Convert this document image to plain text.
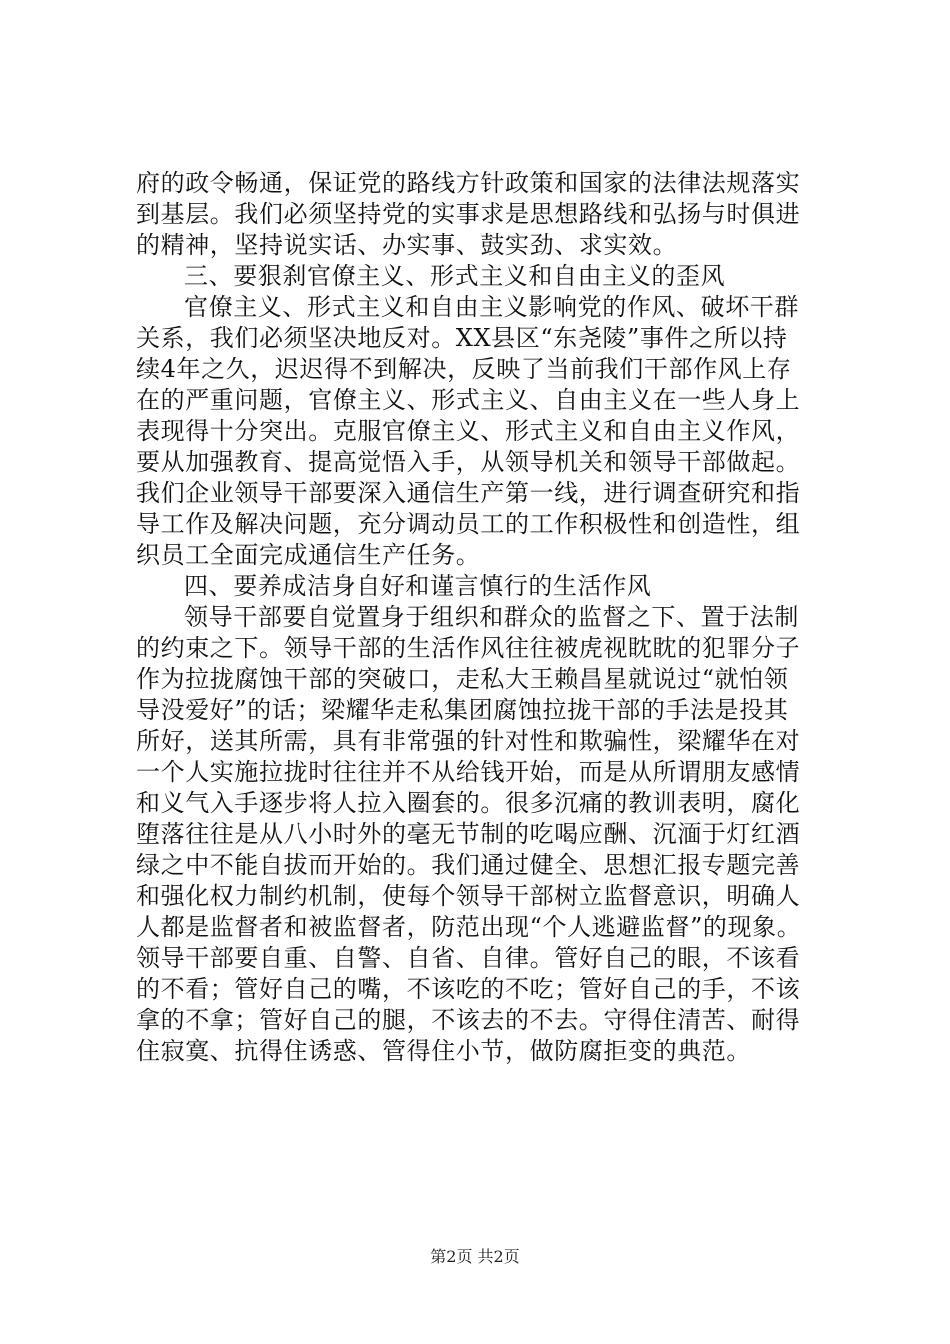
府的政令畅通，保证党的路线方针政策和国家的法律法规落实
到基层。我们必须坚持党的实事求是思想路线和弘扬与时俱进
的精神，坚持说实话、办实事、鼓实劲、求实效。
三、要狠刹官僚主义、形式主义和自由主义的歪风
官僚主义、形式主义和自由主义影响党的作风、破坏干群
关系，我们必须坚决地反对。XX县区“东尧陵”事件之所以持
续4年之久，迟迟得不到解决，反映了当前我们干部作风上存
在的严重问题，官僚主义、形式主义、自由主义在一些人身上
表现得十分突出。克服官僚主义、形式主义和自由主义作风，
要从加强教育、提高觉悟入手，从领导机关和领导干部做起。
我们企业领导干部要深入通信生产第一线，进行调查研究和指
导工作及解决问题，充分调动员工的工作积极性和创造性，组
织员工全面完成通信生产任务。
四、要养成洁身自好和谨言慎行的生活作风
领导干部要自觉置身于组织和群众的监督之下、置于法制
的约束之下。领导干部的生活作风往往被虎视眈眈的犯罪分子
作为拉拢腐蚀干部的突破口，走私大王赖昌星就说过“就怕领
导没爱好”的话；梁耀华走私集团腐蚀拉拢干部的手法是投其
所好，送其所需，具有非常强的针对性和欺骗性，梁耀华在对
一个人实施拉拢时往往并不从给钱开始，而是从所谓朋友感情
和义气入手逐步将人拉入圈套的。很多沉痛的教训表明，腐化
堕落往往是从八小时外的毫无节制的吃喝应酬、沉湎于灯红酒
绿之中不能自拔而开始的。我们通过健全、思想汇报专题完善
和强化权力制约机制，使每个领导干部树立监督意识，明确人
人都是监督者和被监督者，防范出现“个人逃避监督”的现象。
领导干部要自重、自警、自省、自律。管好自己的眼，不该看
的不看；管好自己的嘴，不该吃的不吃；管好自己的手，不该
拿的不拿；管好自己的腿，不该去的不去。守得住清苦、耐得
住寂寞、抗得住诱惑、管得住小节，做防腐拒变的典范。
第2页 共2页
